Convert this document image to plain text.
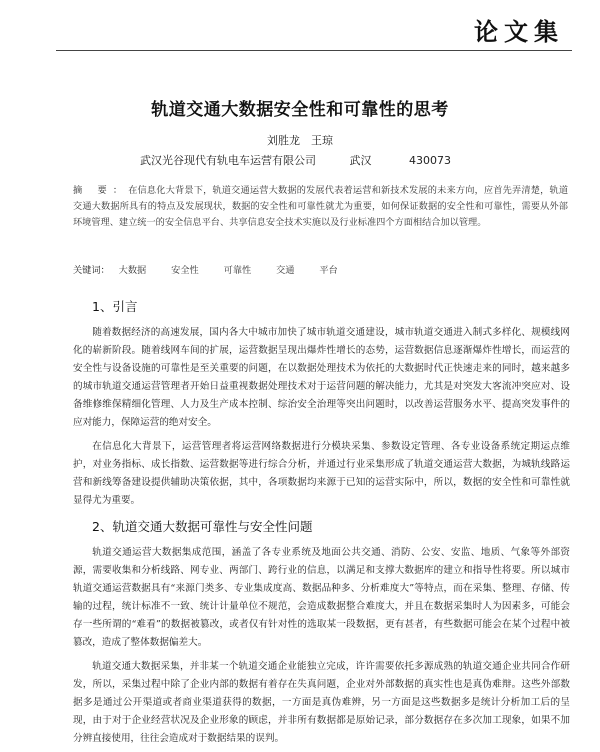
论文集
轨道交通大数据安全性和可靠性的思考
刘胜龙　王琼
武汉光谷现代有轨电车运营有限公司	武汉	430073
摘 要：在信息化大背景下，轨道交通运营大数据的发展代表着运营和新技术发展的未来方向，应首先弄清楚，轨道交通大数据所具有的特点及发展现状，数据的安全性和可靠性就尤为重要，如何保证数据的安全性和可靠性，需要从外部环境管理、建立统一的安全信息平台、共享信息安全技术实施以及行业标准四个方面相结合加以管理。
关键词： 大数据	安全性	可靠性	交通	平台
1、引言

随着数据经济的高速发展，国内各大中城市加快了城市轨道交通建设，城市轨道交通进入制式多样化、规模线网化的崭新阶段。随着线网车间的扩展，运营数据呈现出爆炸性增长的态势，运营数据信息逐渐爆炸性增长，而运营的安全性与设备设施的可靠性是至关重要的问题，在以数据处理技术为依托的大数据时代正快速走来的同时，越来越多的城市轨道交通运营管理者开始日益重视数据处理技术对于运营问题的解决能力，尤其是对突发大客流冲突应对、设备维修维保精细化管理、人力及生产成本控制、综治安全治理等突出问题时，以改善运营服务水平、提高突发事件的应对能力，保障运营的绝对安全。

在信息化大背景下，运营管理者将运营网络数据进行分模块采集、参数设定管理、各专业设备系统定期运点维护，对业务指标、成长指数、运营数据等进行综合分析，并通过行业采集形成了轨道交通运营大数据，为城轨线路运营和新线筹备建设提供辅助决策依据，其中，各项数据均来源于已知的运营实际中，所以，数据的安全性和可靠性就显得尤为重要。

2、轨道交通大数据可靠性与安全性问题

轨道交通运营大数据集成范围，涵盖了各专业系统及地面公共交通、消防、公安、安监、地质、气象等外部资源，需要收集和分析线路、网专业、两部门、跨行业的信息，以满足和支撑大数据库的建立和指导性将要。所以城市轨道交通运营数据具有“来源门类多、专业集成度高、数据品种多、分析难度大”等特点，而在采集、整理、存储、传输的过程，统计标准不一致、统计计量单位不规范，会造成数据整合难度大，并且在数据采集时人为因素多，可能会存一些所谓的“难看”的数据被篡改，或者仅有针对性的选取某一段数据，更有甚者，有些数据可能会在某个过程中被篡改，造成了整体数据偏差大。

轨道交通大数据采集，并非某一个轨道交通企业能独立完成，许许需要依托多源成熟的轨道交通企业共同合作研发，所以，采集过程中除了企业内部的数据有着存在失真问题，企业对外部数据的真实性也是真伪难辩。这些外部数据多是通过公开渠道或者商业渠道获得的数据，一方面是真伪难辨，另一方面是这些数据多是统计分析加工后的呈现，由于对于企业经营状况及企业形象的顾虑，并非所有数据都是原始记录，部分数据存在多次加工现象，如果不加分辨直接使用，往往会造成对于数据结果的误判。
